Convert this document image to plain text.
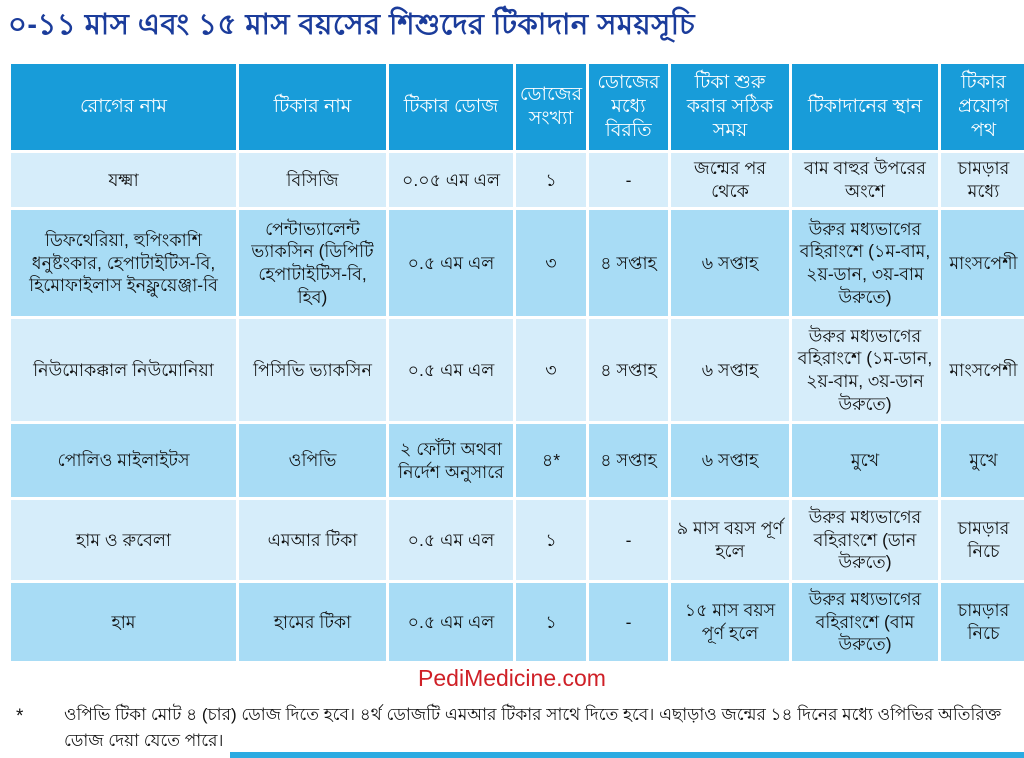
০-১১ মাস এবং ১৫ মাস বয়সের শিশুদের টিকাদান সময়সূচি
রোগের নাম	টিকার নাম	টিকার ডোজ	ডোজের সংখ্যা	ডোজের মধ্যে বিরতি	টিকা শুরু করার সঠিক সময়	টিকাদানের স্থান	টিকার প্রয়োগ পথ
যক্ষ্মা	বিসিজি	০.০৫ এম এল	১	-	জন্মের পর থেকে	বাম বাহুর উপরের অংশে	চামড়ার মধ্যে
ডিফথেরিয়া, হুপিংকাশি ধনুষ্টংকার, হেপাটাইটিস-বি, হিমোফাইলাস ইনফ্লুয়েঞ্জা-বি	পেন্টাভ্যালেন্ট ভ্যাকসিন (ডিপিটি হেপাটাইটিস-বি, হিব)	০.৫ এম এল	৩	৪ সপ্তাহ	৬ সপ্তাহ	উরুর মধ্যভাগের বহিরাংশে (১ম-বাম, ২য়-ডান, ৩য়-বাম উরুতে)	মাংসপেশী
নিউমোকক্কাল নিউমোনিয়া	পিসিভি ভ্যাকসিন	০.৫ এম এল	৩	৪ সপ্তাহ	৬ সপ্তাহ	উরুর মধ্যভাগের বহিরাংশে (১ম-ডান, ২য়-বাম, ৩য়-ডান উরুতে)	মাংসপেশী
পোলিও মাইলাইটস	ওপিভি	২ ফোঁটা অথবা নির্দেশ অনুসারে	৪*	৪ সপ্তাহ	৬ সপ্তাহ	মুখে	মুখে
হাম ও রুবেলা	এমআর টিকা	০.৫ এম এল	১	-	৯ মাস বয়স পূর্ণ হলে	উরুর মধ্যভাগের বহিরাংশে (ডান উরুতে)	চামড়ার নিচে
হাম	হামের টিকা	০.৫ এম এল	১	-	১৫ মাস বয়স পূর্ণ হলে	উরুর মধ্যভাগের বহিরাংশে (বাম উরুতে)	চামড়ার নিচে
PediMedicine.com
*	ওপিভি টিকা মোট ৪ (চার) ডোজ দিতে হবে। ৪র্থ ডোজটি এমআর টিকার সাথে দিতে হবে। এছাড়াও জন্মের ১৪ দিনের মধ্যে ওপিভির অতিরিক্ত ডোজ দেয়া যেতে পারে।
